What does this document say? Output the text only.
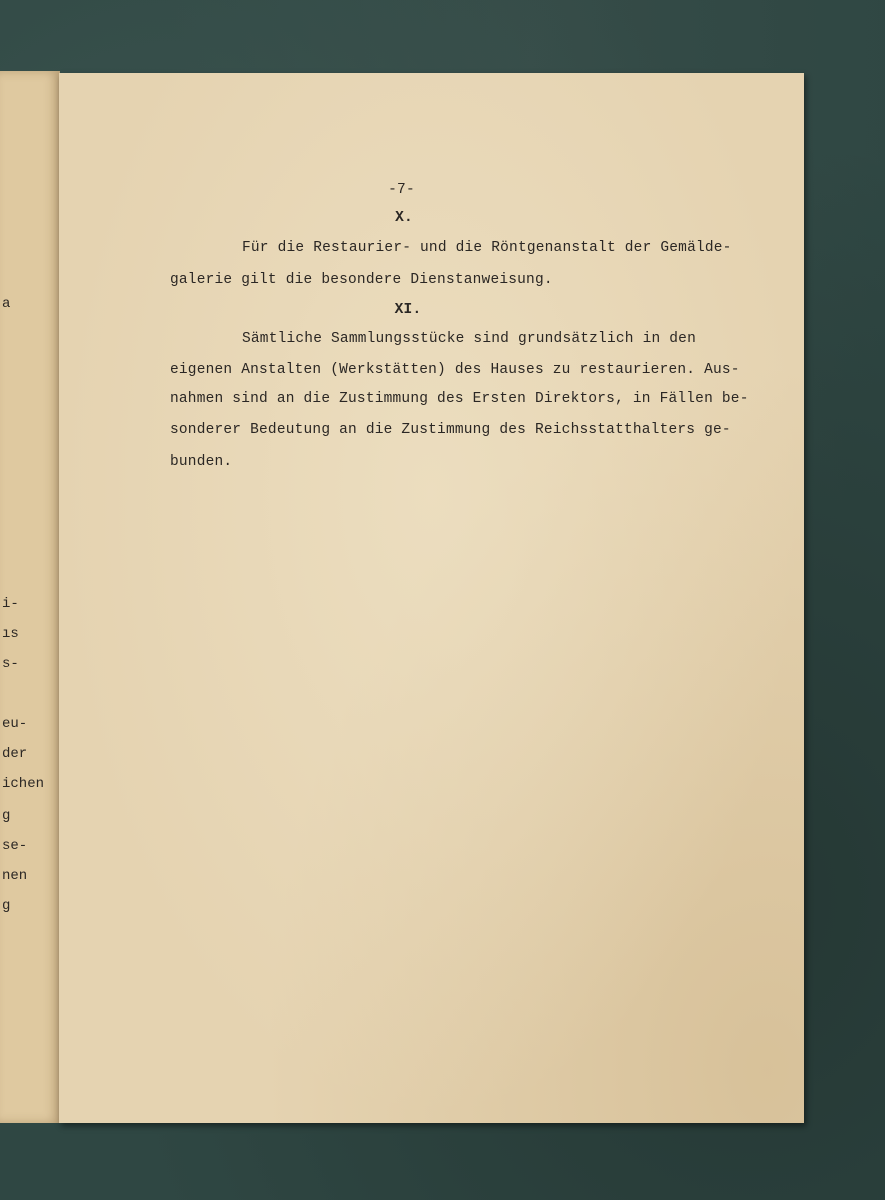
a
i-
ıs
s-
eu-
der
ichen
g
se-
nen
g
-7-
X.
Für die Restaurier- und die Röntgenanstalt der Gemälde-
galerie gilt die besondere Dienstanweisung.
XI.
Sämtliche Sammlungsstücke sind grundsätzlich in den
eigenen Anstalten (Werkstätten) des Hauses zu restaurieren. Aus-
nahmen sind an die Zustimmung des Ersten Direktors, in Fällen be-
sonderer Bedeutung an die Zustimmung des Reichsstatthalters ge-
bunden.
